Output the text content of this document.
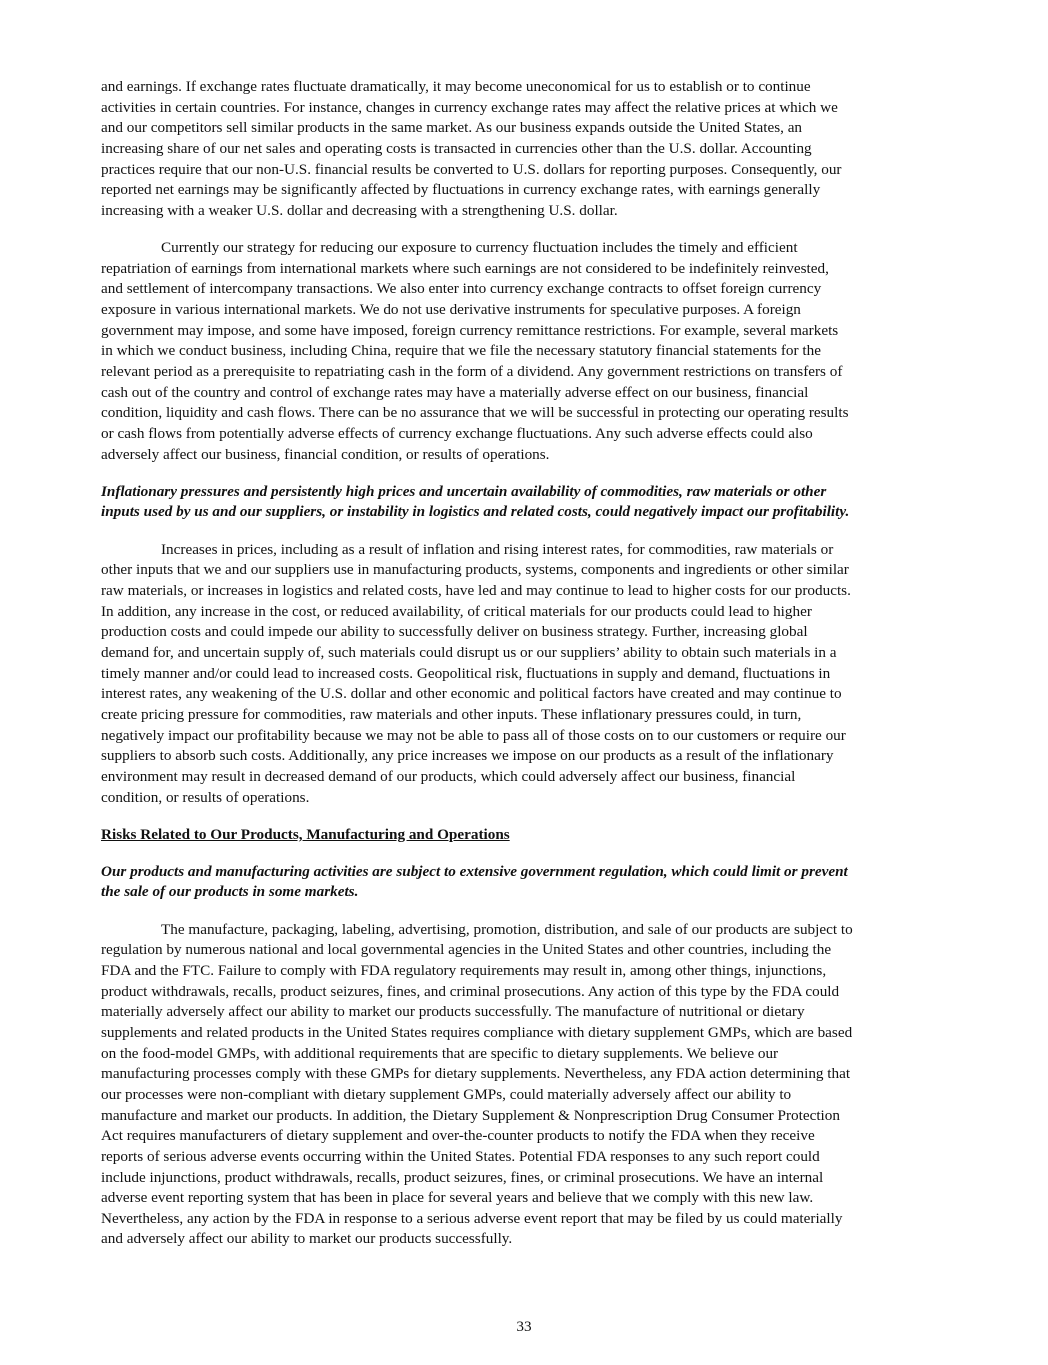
and earnings. If exchange rates fluctuate dramatically, it may become uneconomical for us to establish or to continue
activities in certain countries. For instance, changes in currency exchange rates may affect the relative prices at which we
and our competitors sell similar products in the same market. As our business expands outside the United States, an
increasing share of our net sales and operating costs is transacted in currencies other than the U.S. dollar. Accounting
practices require that our non-U.S. financial results be converted to U.S. dollars for reporting purposes. Consequently, our
reported net earnings may be significantly affected by fluctuations in currency exchange rates, with earnings generally
increasing with a weaker U.S. dollar and decreasing with a strengthening U.S. dollar.
Currently our strategy for reducing our exposure to currency fluctuation includes the timely and efficient
repatriation of earnings from international markets where such earnings are not considered to be indefinitely reinvested,
and settlement of intercompany transactions. We also enter into currency exchange contracts to offset foreign currency
exposure in various international markets. We do not use derivative instruments for speculative purposes. A foreign
government may impose, and some have imposed, foreign currency remittance restrictions. For example, several markets
in which we conduct business, including China, require that we file the necessary statutory financial statements for the
relevant period as a prerequisite to repatriating cash in the form of a dividend. Any government restrictions on transfers of
cash out of the country and control of exchange rates may have a materially adverse effect on our business, financial
condition, liquidity and cash flows. There can be no assurance that we will be successful in protecting our operating results
or cash flows from potentially adverse effects of currency exchange fluctuations. Any such adverse effects could also
adversely affect our business, financial condition, or results of operations.
Inflationary pressures and persistently high prices and uncertain availability of commodities, raw materials or other
inputs used by us and our suppliers, or instability in logistics and related costs, could negatively impact our profitability.
Increases in prices, including as a result of inflation and rising interest rates, for commodities, raw materials or
other inputs that we and our suppliers use in manufacturing products, systems, components and ingredients or other similar
raw materials, or increases in logistics and related costs, have led and may continue to lead to higher costs for our products.
In addition, any increase in the cost, or reduced availability, of critical materials for our products could lead to higher
production costs and could impede our ability to successfully deliver on business strategy. Further, increasing global
demand for, and uncertain supply of, such materials could disrupt us or our suppliers’ ability to obtain such materials in a
timely manner and/or could lead to increased costs. Geopolitical risk, fluctuations in supply and demand, fluctuations in
interest rates, any weakening of the U.S. dollar and other economic and political factors have created and may continue to
create pricing pressure for commodities, raw materials and other inputs. These inflationary pressures could, in turn,
negatively impact our profitability because we may not be able to pass all of those costs on to our customers or require our
suppliers to absorb such costs. Additionally, any price increases we impose on our products as a result of the inflationary
environment may result in decreased demand of our products, which could adversely affect our business, financial
condition, or results of operations.
Risks Related to Our Products, Manufacturing and Operations
Our products and manufacturing activities are subject to extensive government regulation, which could limit or prevent
the sale of our products in some markets.
The manufacture, packaging, labeling, advertising, promotion, distribution, and sale of our products are subject to
regulation by numerous national and local governmental agencies in the United States and other countries, including the
FDA and the FTC. Failure to comply with FDA regulatory requirements may result in, among other things, injunctions,
product withdrawals, recalls, product seizures, fines, and criminal prosecutions. Any action of this type by the FDA could
materially adversely affect our ability to market our products successfully. The manufacture of nutritional or dietary
supplements and related products in the United States requires compliance with dietary supplement GMPs, which are based
on the food-model GMPs, with additional requirements that are specific to dietary supplements. We believe our
manufacturing processes comply with these GMPs for dietary supplements. Nevertheless, any FDA action determining that
our processes were non-compliant with dietary supplement GMPs, could materially adversely affect our ability to
manufacture and market our products. In addition, the Dietary Supplement & Nonprescription Drug Consumer Protection
Act requires manufacturers of dietary supplement and over-the-counter products to notify the FDA when they receive
reports of serious adverse events occurring within the United States. Potential FDA responses to any such report could
include injunctions, product withdrawals, recalls, product seizures, fines, or criminal prosecutions. We have an internal
adverse event reporting system that has been in place for several years and believe that we comply with this new law.
Nevertheless, any action by the FDA in response to a serious adverse event report that may be filed by us could materially
and adversely affect our ability to market our products successfully.
33
